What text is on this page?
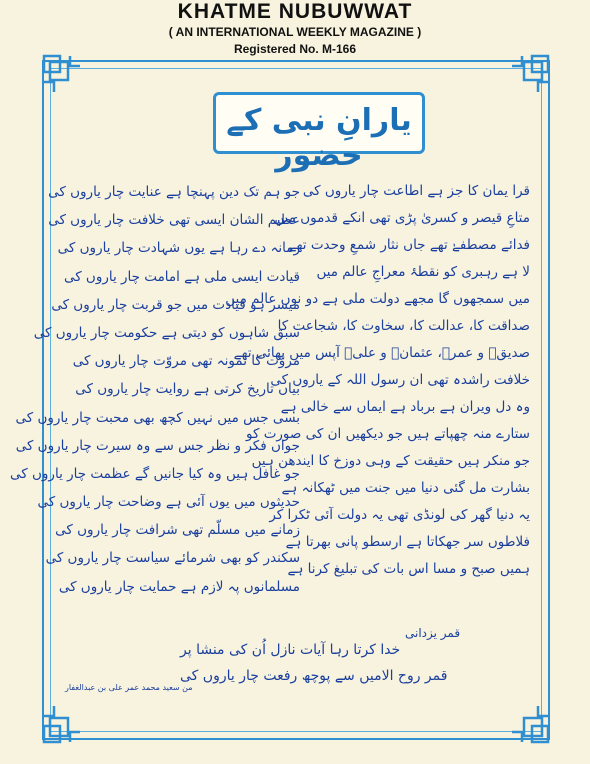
KHATME NUBUWWAT
( AN INTERNATIONAL WEEKLY MAGAZINE )
Registered No. M-166
یارانِ نبی کے حضور
قرا یمان کا جز ہے اطاعت چار یاروں کی
متاعِ قیصر و کسریٰ پڑی تھی انکے قدموں میں
فدائے مصطفےٰ تھے جاں نثار شمعِ وحدت تھے
لا ہے رہبری کو نقطۂ معراجِ عالم میں
میں سمجھوں گا مجھے دولت ملی ہے دو نوں عالم میں
صداقت کا، عدالت کا، سخاوت کا، شجاعت کا
صدیقؓ و عمرؓ، عثمانؓ و علیؓ آپس میں بھائی تھے
خلافت راشدہ تھی ان رسول اللہ کے یاروں کی
وہ دل ویران ہے برباد ہے ایماں سے خالی ہے
ستارے منہ چھپاتے ہیں جو دیکھیں ان کی صورت کو
جو منکر ہیں حقیقت کے وہی دوزخ کا ایندھن ہیں
بشارت مل گئی دنیا میں جنت میں ٹھکانہ ہے
یہ دنیا گھر کی لونڈی تھی یہ دولت آئی ٹکرا کر
فلاطوں سر جھکاتا ہے ارسطو پانی بھرتا ہے
ہمیں صبح و مسا اس بات کی تبلیغ کرنا ہے
جو ہم تک دین پہنچا ہے عنایت چار یاروں کی
عظیم الشان ایسی تھی خلافت چار یاروں کی
زمانہ دے رہا ہے یوں شہادت چار یاروں کی
قیادت ایسی ملی ہے امامت چار یاروں کی
میسر ہو قیادت میں جو قربت چار یاروں کی
سبق شاہوں کو دیتی ہے حکومت چار یاروں کی
مروّت کا نمونہ تھی مروّت چار یاروں کی
بیاں تاریخ کرتی ہے روایت چار یاروں کی
بسی جس میں نہیں کچھ بھی محبت چار یاروں کی
جواں فکر و نظر جس سے وہ سیرت چار یاروں کی
جو غافل ہیں وہ کیا جانیں گے عظمت چار یاروں کی
حدیثوں میں یوں آئی ہے وضاحت چار یاروں کی
زمانے میں مسلّم تھی شرافت چار یاروں کی
سکندر کو بھی شرمائے سیاست چار یاروں کی
مسلمانوں پہ لازم ہے حمایت چار یاروں کی
قمر یزدانی
خدا کرتا رہا آیات نازل اُن کی منشا پر
قمر روح الامیں سے پوچھ رفعت چار یاروں کی
من سعید محمد عمر علی بن عبدالغفار
